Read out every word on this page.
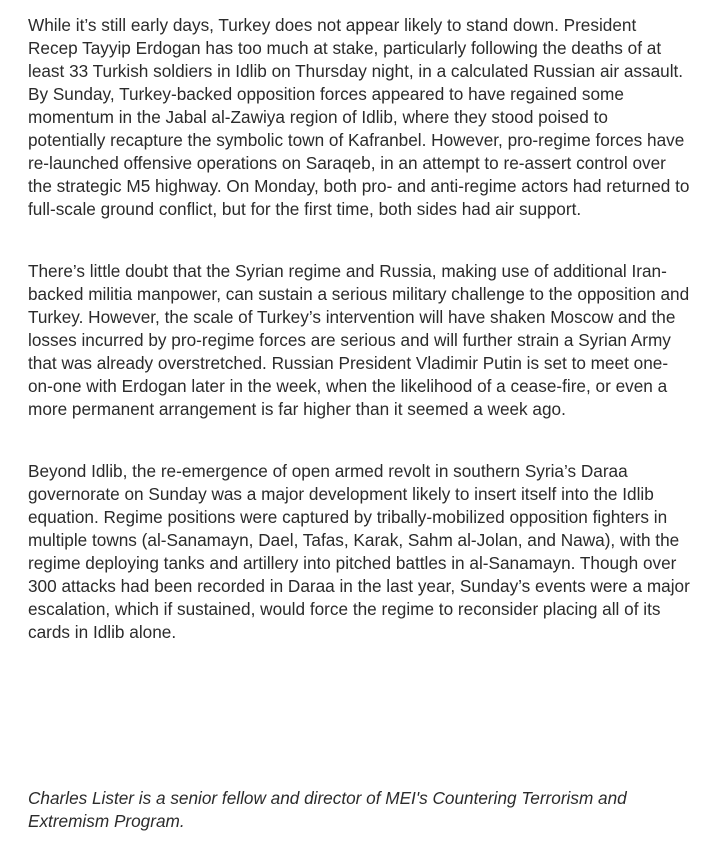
While it’s still early days, Turkey does not appear likely to stand down. President Recep Tayyip Erdogan has too much at stake, particularly following the deaths of at least 33 Turkish soldiers in Idlib on Thursday night, in a calculated Russian air assault. By Sunday, Turkey-backed opposition forces appeared to have regained some momentum in the Jabal al-Zawiya region of Idlib, where they stood poised to potentially recapture the symbolic town of Kafranbel. However, pro-regime forces have re-launched offensive operations on Saraqeb, in an attempt to re-assert control over the strategic M5 highway. On Monday, both pro- and anti-regime actors had returned to full-scale ground conflict, but for the first time, both sides had air support.

There’s little doubt that the Syrian regime and Russia, making use of additional Iran-backed militia manpower, can sustain a serious military challenge to the opposition and Turkey. However, the scale of Turkey’s intervention will have shaken Moscow and the losses incurred by pro-regime forces are serious and will further strain a Syrian Army that was already overstretched. Russian President Vladimir Putin is set to meet one-on-one with Erdogan later in the week, when the likelihood of a cease-fire, or even a more permanent arrangement is far higher than it seemed a week ago.

Beyond Idlib, the re-emergence of open armed revolt in southern Syria’s Daraa governorate on Sunday was a major development likely to insert itself into the Idlib equation. Regime positions were captured by tribally-mobilized opposition fighters in multiple towns (al-Sanamayn, Dael, Tafas, Karak, Sahm al-Jolan, and Nawa), with the regime deploying tanks and artillery into pitched battles in al-Sanamayn. Though over 300 attacks had been recorded in Daraa in the last year, Sunday’s events were a major escalation, which if sustained, would force the regime to reconsider placing all of its cards in Idlib alone.

Charles Lister is a senior fellow and director of MEI's Countering Terrorism and Extremism Program.
